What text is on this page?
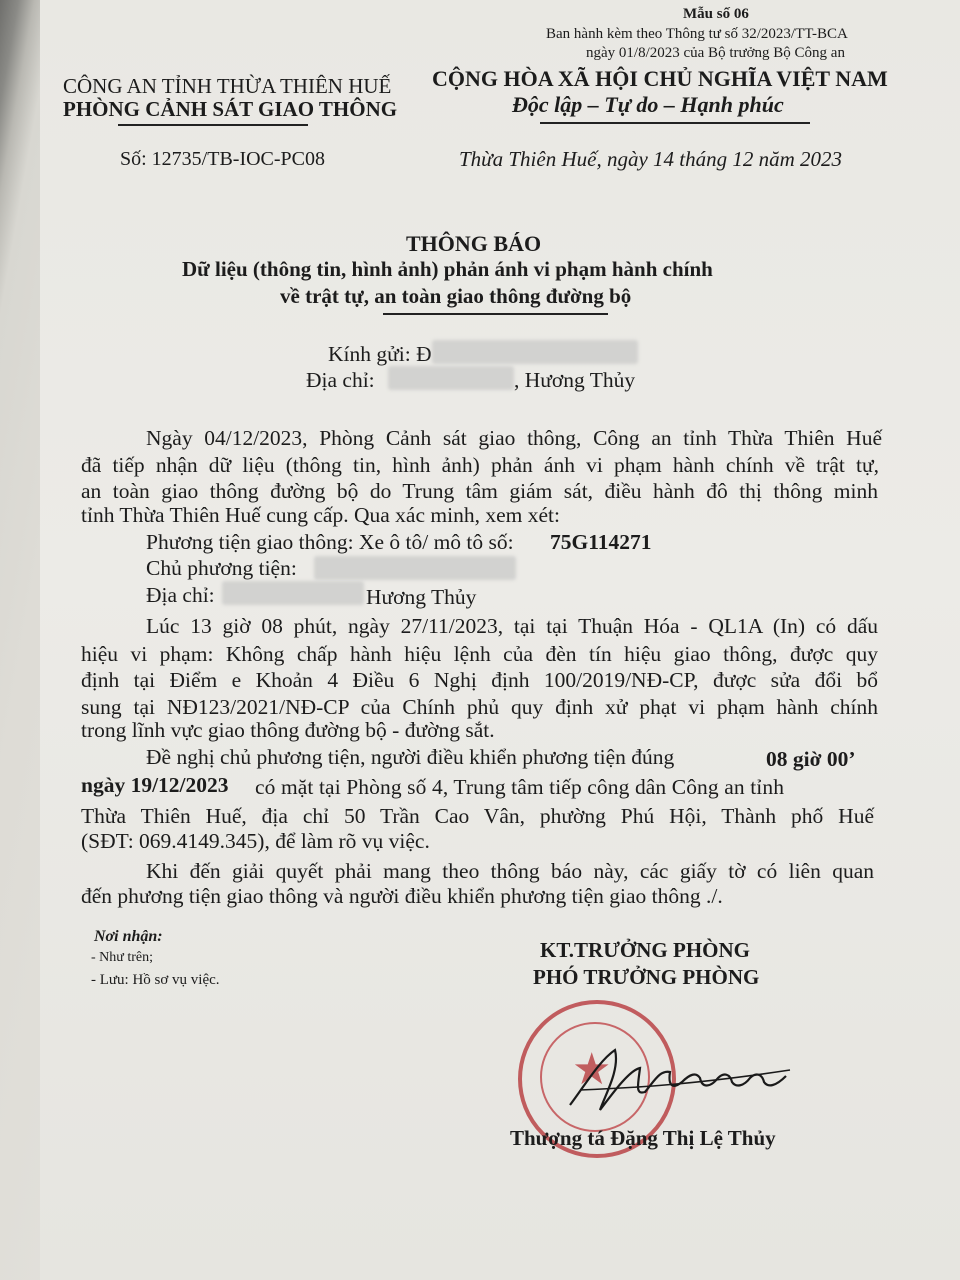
Mẫu số 06
Ban hành kèm theo Thông tư số 32/2023/TT-BCA
ngày 01/8/2023 của Bộ trưởng Bộ Công an
CÔNG AN TỈNH THỪA THIÊN HUẾ
PHÒNG CẢNH SÁT GIAO THÔNG
CỘNG HÒA XÃ HỘI CHỦ NGHĨA VIỆT NAM
Độc lập – Tự do – Hạnh phúc
Số: 12735/TB-IOC-PC08	Thừa Thiên Huế, ngày 14 tháng 12 năm 2023
THÔNG BÁO
Dữ liệu (thông tin, hình ảnh) phản ánh vi phạm hành chính
về trật tự, an toàn giao thông đường bộ
Kính gửi: Ð
Địa chỉ:	, Hương Thủy
Ngày 04/12/2023, Phòng Cảnh sát giao thông, Công an tỉnh Thừa Thiên Huế
đã tiếp nhận dữ liệu (thông tin, hình ảnh) phản ánh vi phạm hành chính về trật tự,
an toàn giao thông đường bộ do Trung tâm giám sát, điều hành đô thị thông minh
tỉnh Thừa Thiên Huế cung cấp. Qua xác minh, xem xét:
Phương tiện giao thông: Xe ô tô/ mô tô số: 75G114271
Chủ phương tiện:
Địa chỉ:	Hương Thủy
Lúc 13 giờ 08 phút, ngày 27/11/2023, tại tại Thuận Hóa - QL1A (In) có dấu
hiệu vi phạm: Không chấp hành hiệu lệnh của đèn tín hiệu giao thông, được quy
định tại Điểm e Khoản 4 Điều 6 Nghị định 100/2019/NĐ-CP, được sửa đổi bổ
sung tại NĐ123/2021/NĐ-CP của Chính phủ quy định xử phạt vi phạm hành chính
trong lĩnh vực giao thông đường bộ - đường sắt.
Đề nghị chủ phương tiện, người điều khiển phương tiện đúng	08 giờ 00’
ngày 19/12/2023 có mặt tại Phòng số 4, Trung tâm tiếp công dân Công an tỉnh
Thừa Thiên Huế, địa chỉ 50 Trần Cao Vân, phường Phú Hội, Thành phố Huế
(SĐT: 069.4149.345), để làm rõ vụ việc.
Khi đến giải quyết phải mang theo thông báo này, các giấy tờ có liên quan
đến phương tiện giao thông và người điều khiển phương tiện giao thông ./.
Nơi nhận:
- Như trên;
- Lưu: Hồ sơ vụ việc.
KT.TRƯỞNG PHÒNG
PHÓ TRƯỞNG PHÒNG
★
Thượng tá Đặng Thị Lệ Thủy
